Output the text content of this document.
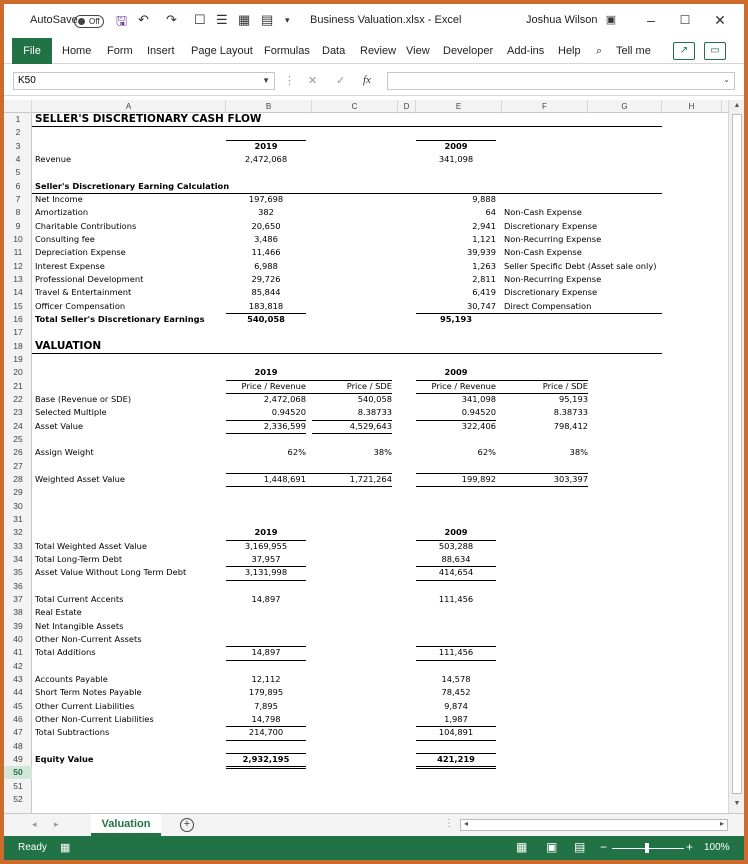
AutoSave	Off	🖫 ↶ ↷ ☐ ☰ ▦ ▤ ▾ Business Valuation.xlsx - Excel	Joshua Wilson ▣	–	☐	✕
File	Home Form Insert Page Layout Formulas Data Review View Developer Add-ins Help ⌕ Tell me	↗	▭
K50	▼ ⋮ ✕ ✓ fx	⌄
A	B	C	D	E	F	G	H
1
2
3
4
5
6
7
8
9
10
11
12
13
14
15
16
17
18
19
20
21
22
23
24
25
26
27
28
29
30
31
32
33
34
35
36
37
38
39
40
41
42
43
44
45
46
47
48
49
50
51
52
SELLER'S DISCRETIONARY CASH FLOW
2019	2009
Revenue	2,472,068	341,098
Seller's Discretionary Earning Calculation
Net Income	197,698	9,888
Amortization	382	64 Non-Cash Expense
Charitable Contributions	20,650	2,941 Discretionary Expense
Consulting fee	3,486	1,121 Non-Recurring Expense
Depreciation Expense	11,466	39,939 Non-Cash Expense
Interest Expense	6,988	1,263 Seller Specific Debt (Asset sale only)
Professional Development	29,726	2,811 Non-Recurring Expense
Travel & Entertainment	85,844	6,419 Discretionary Expense
Officer Compensation	183,818	30,747 Direct Compensation
Total Seller's Discretionary Earnings	540,058	95,193
VALUATION
2019	2009
Price / Revenue	Price / SDE	Price / Revenue	Price / SDE
Base (Revenue or SDE)	2,472,068	540,058	341,098	95,193
Selected Multiple	0.94520	8.38733	0.94520	8.38733
Asset Value	2,336,599	4,529,643	322,406	798,412
Assign Weight	62%	38%	62%	38%
Weighted Asset Value	1,448,691	1,721,264	199,892	303,397
2019	2009
Total Weighted Asset Value	3,169,955	503,288
Total Long-Term Debt	37,957	88,634
Asset Value Without Long Term Debt	3,131,998	414,654
Total Current Accents	14,897	111,456
Real Estate
Net Intangible Assets
Other Non-Current Assets
Total Additions	14,897	111,456
Accounts Payable	12,112	14,578
Short Term Notes Payable	179,895	78,452
Other Current Liabilities	7,895	9,874
Other Non-Current Liabilities	14,798	1,987
Total Subtractions	214,700	104,891
Equity Value	2,932,195	421,219
▲
▼
◂ ▸	Valuation	+	⋮ ◂	▸
Ready ▦	▦ ▣ ▤ −	+ 100%
